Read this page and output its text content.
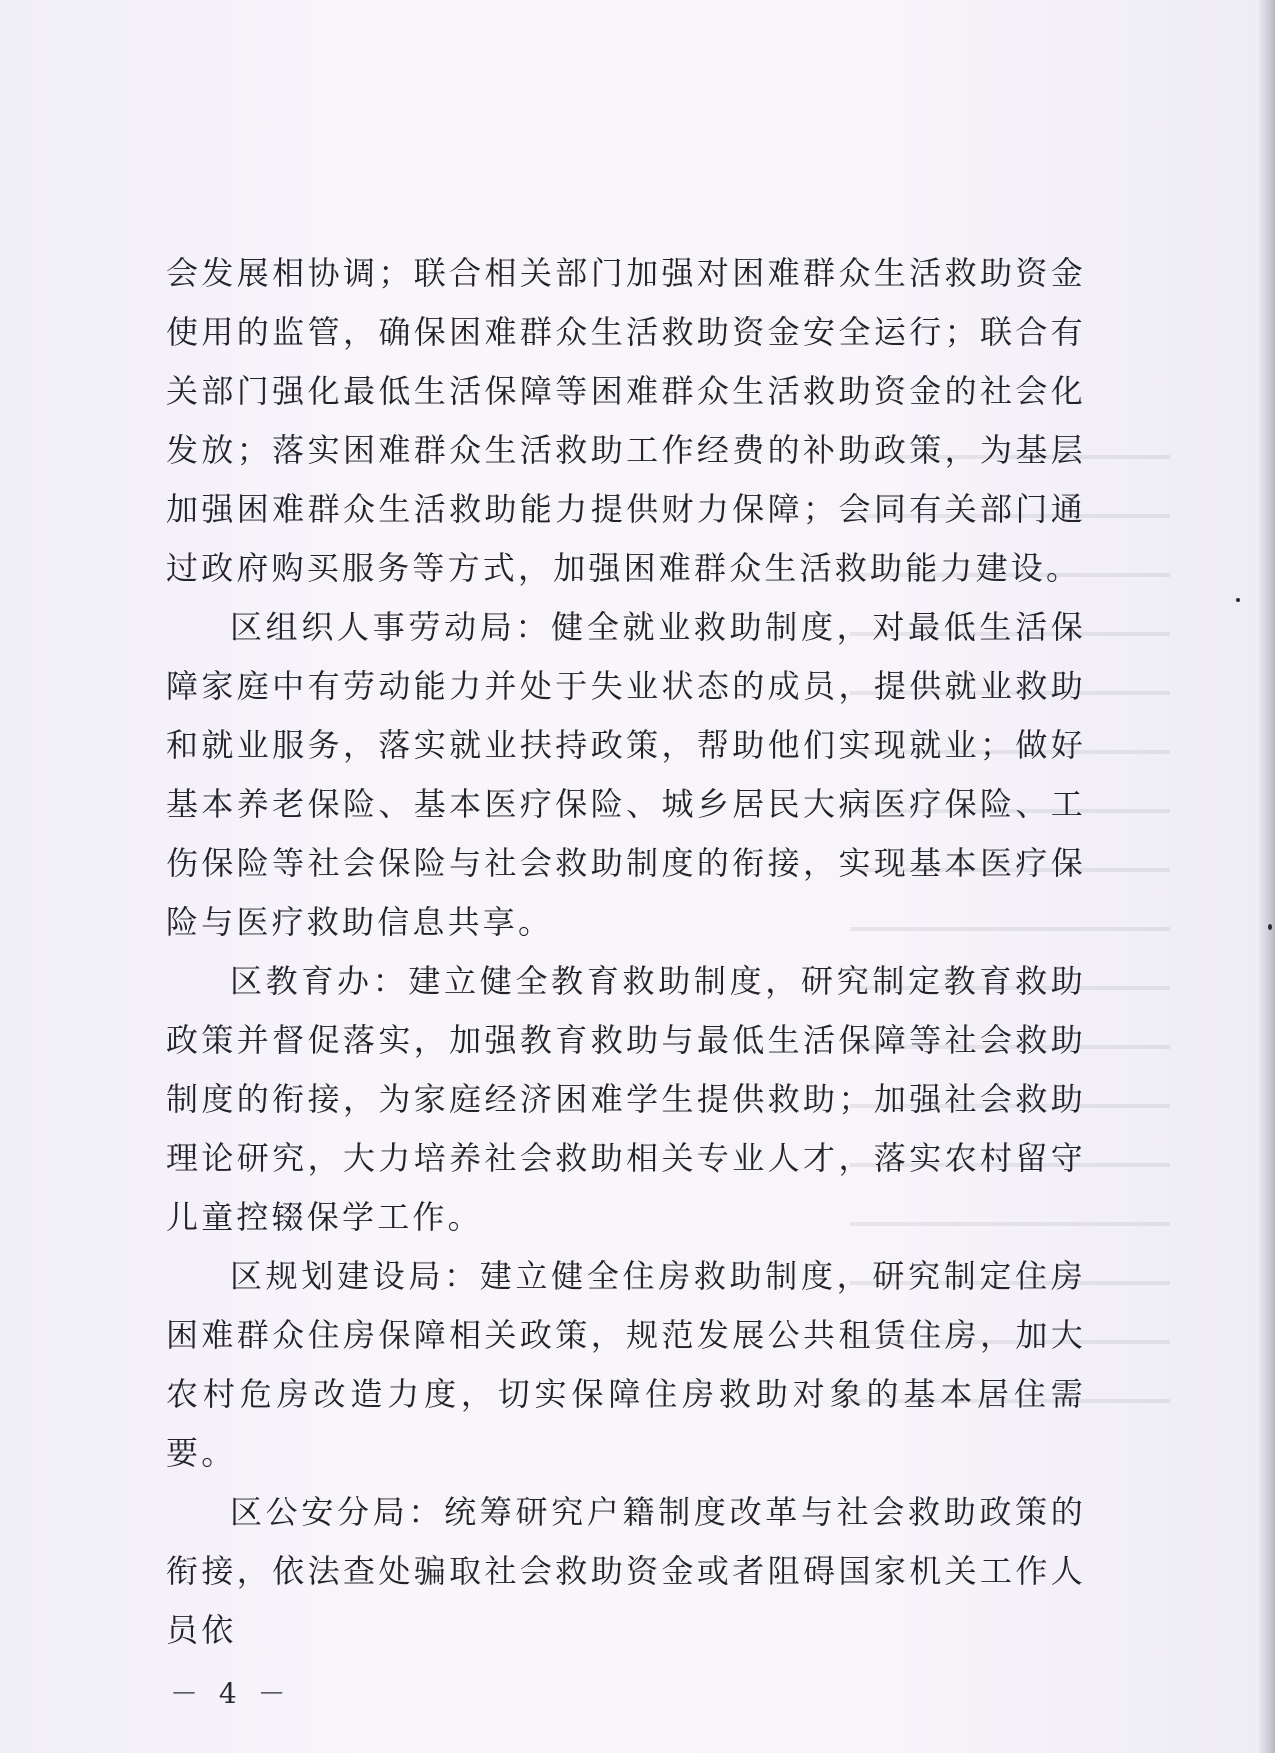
会发展相协调；联合相关部门加强对困难群众生活救助资金使用的监管，确保困难群众生活救助资金安全运行；联合有关部门强化最低生活保障等困难群众生活救助资金的社会化发放；落实困难群众生活救助工作经费的补助政策，为基层加强困难群众生活救助能力提供财力保障；会同有关部门通过政府购买服务等方式，加强困难群众生活救助能力建设。

区组织人事劳动局：健全就业救助制度，对最低生活保障家庭中有劳动能力并处于失业状态的成员，提供就业救助和就业服务，落实就业扶持政策，帮助他们实现就业；做好基本养老保险、基本医疗保险、城乡居民大病医疗保险、工伤保险等社会保险与社会救助制度的衔接，实现基本医疗保险与医疗救助信息共享。

区教育办：建立健全教育救助制度，研究制定教育救助政策并督促落实，加强教育救助与最低生活保障等社会救助制度的衔接，为家庭经济困难学生提供救助；加强社会救助理论研究，大力培养社会救助相关专业人才，落实农村留守儿童控辍保学工作。

区规划建设局：建立健全住房救助制度，研究制定住房困难群众住房保障相关政策，规范发展公共租赁住房，加大农村危房改造力度，切实保障住房救助对象的基本居住需要。

区公安分局：统筹研究户籍制度改革与社会救助政策的衔接，依法查处骗取社会救助资金或者阻碍国家机关工作人员依

－ 4 －
